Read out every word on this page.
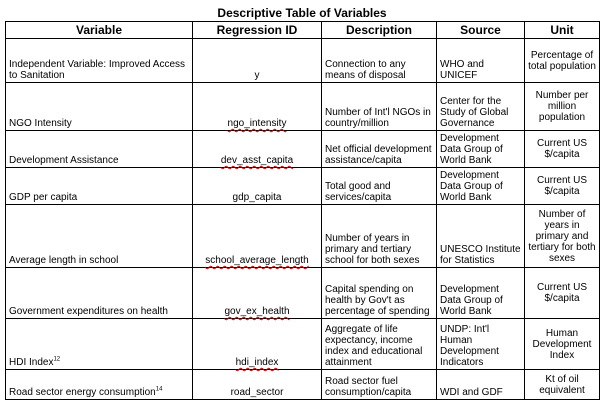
Descriptive Table of Variables
Variable	Regression ID	Description	Source	Unit
Independent Variable: Improved Access to Sanitation	y	Connection to any means of disposal	WHO and UNICEF	Percentage of total population
NGO Intensity	ngo_intensity	Number of Int'l NGOs in country/million	Center for the Study of Global Governance	Number per million population
Development Assistance	dev_asst_capita	Net official development assistance/capita	Development Data Group of World Bank	Current US $/capita
GDP per capita	gdp_capita	Total good and services/capita	Development Data Group of World Bank	Current US $/capita
Average length in school	school_average_length	Number of years in primary and tertiary school for both sexes	UNESCO Institute for Statistics	Number of years in primary and tertiary for both sexes
Government expenditures on health	gov_ex_health	Capital spending on health by Gov't as percentage of spending	Development Data Group of World Bank	Current US $/capita
HDI Index$^{12}$	hdi_index	Aggregate of life expectancy, income index and educational attainment	UNDP: Int'l Human Development Indicators	Human Development Index
Road sector energy consumption$^{14}$	road_sector	Road sector fuel consumption/capita	WDI and GDF	Kt of oil equivalent
